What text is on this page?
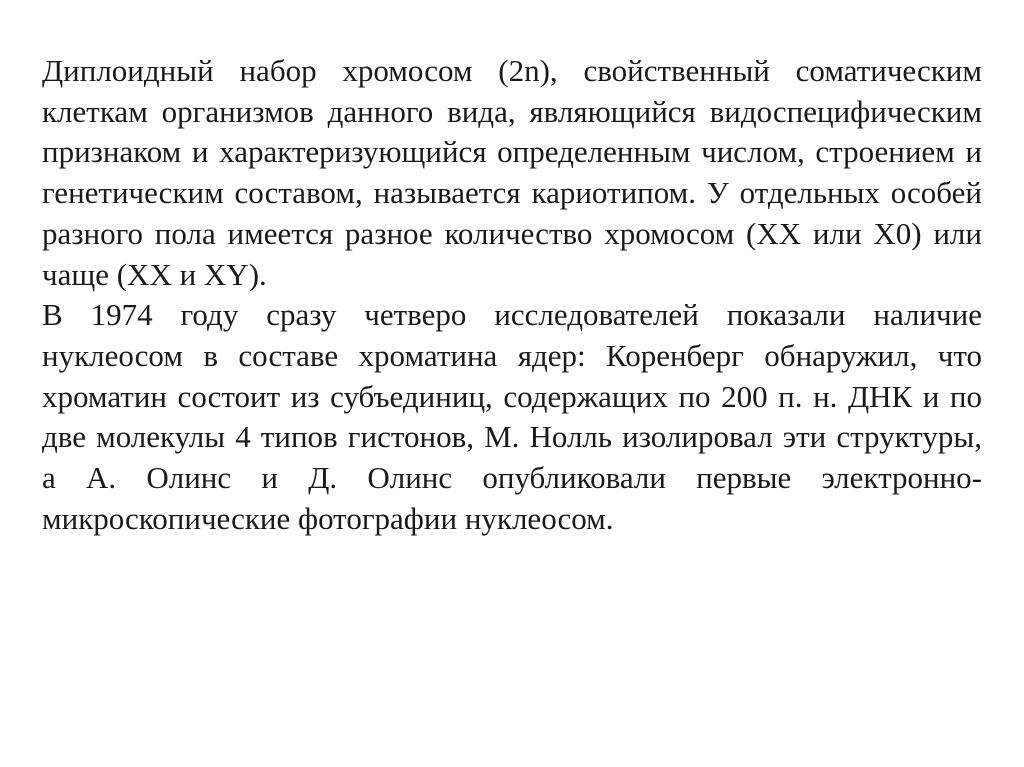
Диплоидный набор хромосом (2n), свойственный соматическим клеткам организмов данного вида, являющийся видоспецифическим признаком и характеризующийся определенным числом, строением и генетическим составом, называется кариотипом. У отдельных особей разного пола имеется разное количество хромосом (XX или X0) или чаще (XX и XY).

В 1974 году сразу четверо исследователей показали наличие нуклеосом в составе хроматина ядер: Коренберг обнаружил, что хроматин состоит из субъединиц, содержащих по 200 п. н. ДНК и по две молекулы 4 типов гистонов, М. Нолль изолировал эти структуры, а А. Олинс и Д. Олинс опубликовали первые электронно-микроскопические фотографии нуклеосом.
